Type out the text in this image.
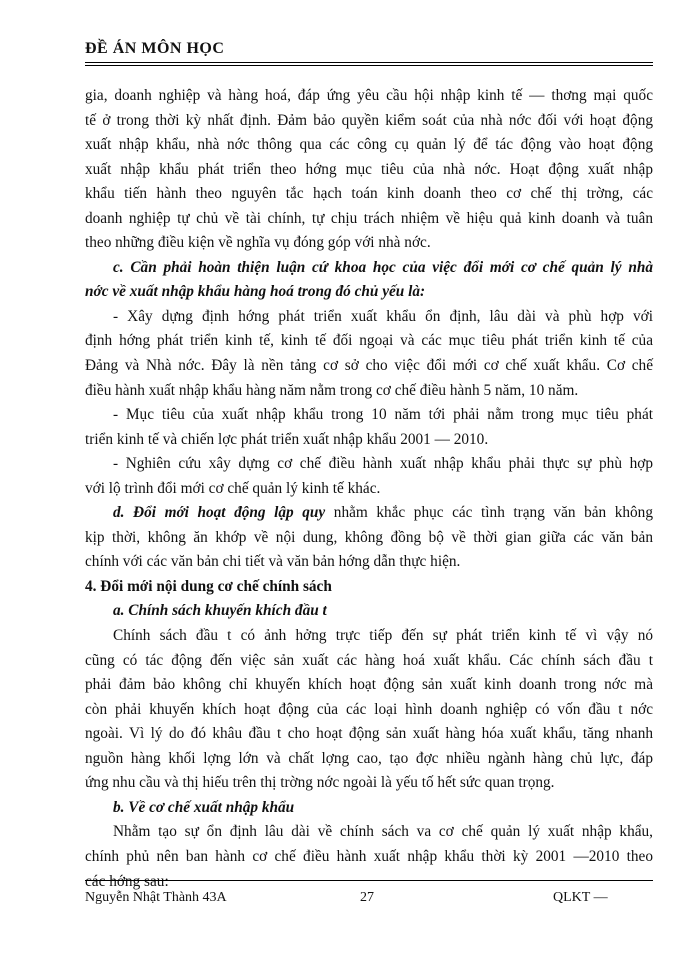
ĐỀ ÁN MÔN HỌC

gia, doanh nghiệp và hàng hoá, đáp ứng yêu cầu hội nhập kinh tế — thơng mại quốc

tế ở trong thời kỳ nhất định. Đảm bảo quyền kiểm soát của nhà nớc đối với hoạt động

xuất nhập khẩu, nhà nớc thông qua các công cụ quản lý để tác động vào hoạt động

xuất nhập khẩu phát triển theo hớng mục tiêu của nhà nớc. Hoạt động xuất nhập

khẩu tiến hành theo nguyên tắc hạch toán kinh doanh theo cơ chế thị trờng, các

doanh nghiệp tự chủ về tài chính, tự chịu trách nhiệm về hiệu quả kinh doanh và tuân

theo những điều kiện về nghĩa vụ đóng góp với nhà nớc.

c. Cần phải hoàn thiện luận cứ khoa học của việc đổi mới cơ chế quản lý nhà

nớc về xuất nhập khẩu hàng hoá trong đó chủ yếu là:

- Xây dựng định hớng phát triển xuất khẩu ổn định, lâu dài và phù hợp với

định hớng phát triển kinh tế, kinh tế đối ngoại và các mục tiêu phát triển kinh tế của

Đảng và Nhà nớc. Đây là nền tảng cơ sở cho việc đổi mới cơ chế xuất khẩu. Cơ chế

điều hành xuất nhập khẩu hàng năm nằm trong cơ chế điều hành 5 năm, 10 năm.

- Mục tiêu của xuất nhập khẩu trong 10 năm tới phải nằm trong mục tiêu phát

triển kinh tế và chiến lợc phát triển xuất nhập khẩu 2001 — 2010.

- Nghiên cứu xây dựng cơ chế điều hành xuất nhập khẩu phải thực sự phù hợp

với lộ trình đổi mới cơ chế quản lý kinh tế khác.

d. Đổi mới hoạt động lập quy nhằm khắc phục các tình trạng văn bản không

kịp thời, không ăn khớp về nội dung, không đồng bộ về thời gian giữa các văn bản

chính với các văn bản chi tiết và văn bản hớng dẫn thực hiện.

4. Đổi mới nội dung cơ chế chính sách

a. Chính sách khuyến khích đầu t

Chính sách đầu t có ảnh hởng trực tiếp đến sự phát triển kinh tế vì vậy nó

cũng có tác động đến việc sản xuất các hàng hoá xuất khẩu. Các chính sách đầu t

phải đảm bảo không chỉ khuyến khích hoạt động sản xuất kinh doanh trong nớc mà

còn phải khuyến khích hoạt động của các loại hình doanh nghiệp có vốn đầu t nớc

ngoài. Vì lý do đó khâu đầu t cho hoạt động sản xuất hàng hóa xuất khẩu, tăng nhanh

nguồn hàng khối lợng lớn và chất lợng cao, tạo đợc nhiều ngành hàng chủ lực, đáp

ứng nhu cầu và thị hiếu trên thị trờng nớc ngoài là yếu tố hết sức quan trọng.

b. Về cơ chế xuất nhập khẩu

Nhằm tạo sự ổn định lâu dài về chính sách va cơ chế quản lý xuất nhập khẩu,

chính phủ nên ban hành cơ chế điều hành xuất nhập khẩu thời kỳ 2001 —2010 theo

các hớng sau:

Nguyễn Nhật Thành 43A	27	QLKT —
